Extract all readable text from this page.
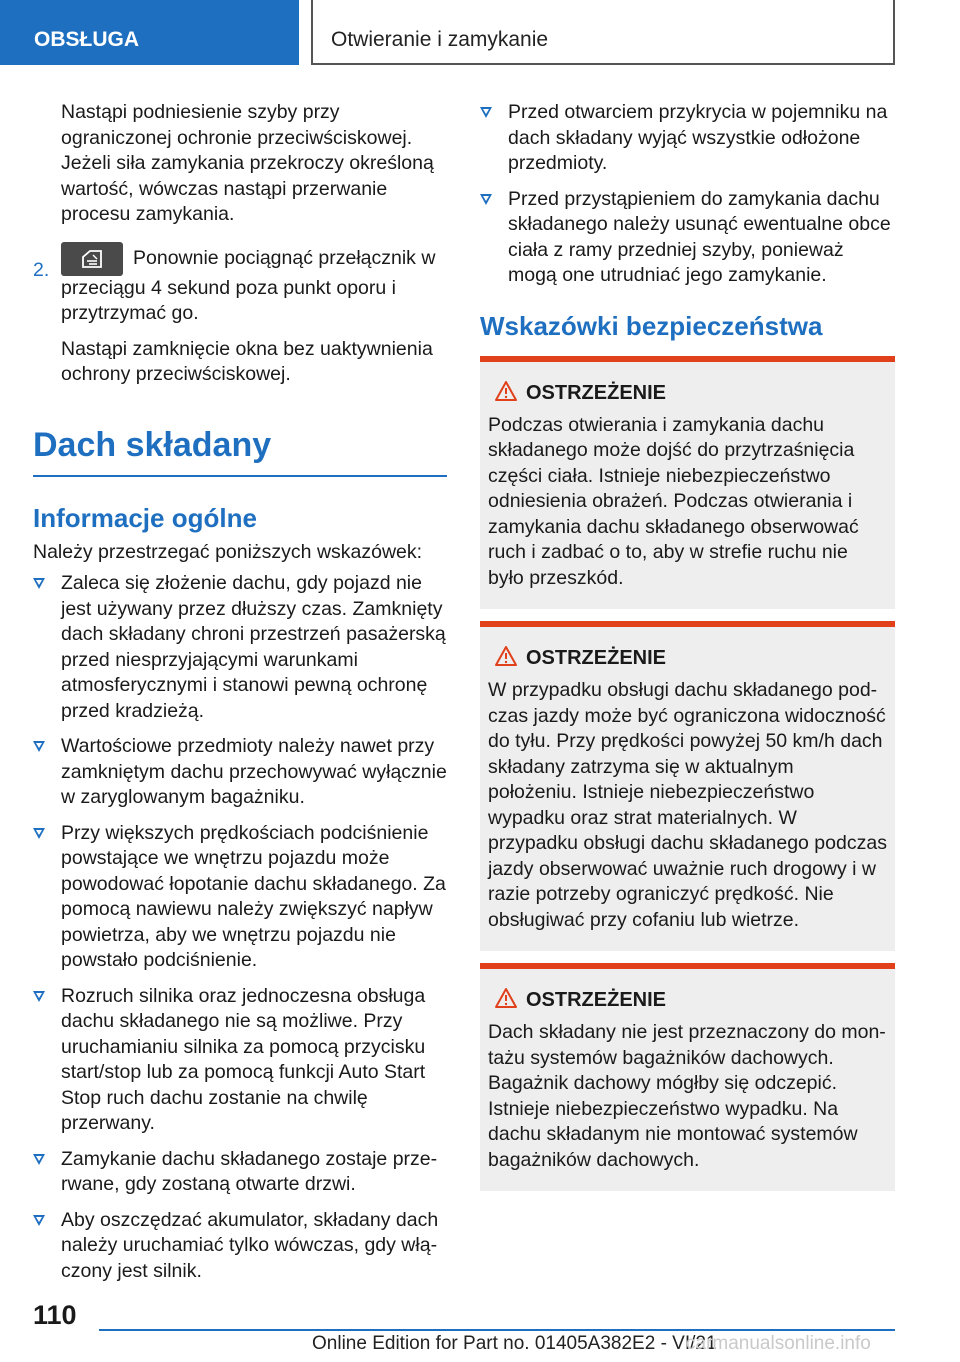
OBSŁUGA	Otwieranie i zamykanie

Nastąpi podniesienie szyby przy ograniczonej ochronie przeciwściskowej. Jeżeli siła zamykania przekroczy określoną wartość, wówczas nastąpi przerwanie procesu zamykania.

2.

Ponownie pociągnąć przełącznik w przeciągu 4 sekund poza punkt oporu i przytrzymać go.

Nastąpi zamknięcie okna bez uaktywnienia ochrony przeciwściskowej.

Dach składany
Informacje ogólne

Należy przestrzegać poniższych wskazówek:

Zaleca się złożenie dachu, gdy pojazd nie jest używany przez dłuższy czas. Zamknięty dach składany chroni przestrzeń pasażerską przed niesprzyjającymi warunkami atmosferycznymi i stanowi pewną ochronę przed kradzieżą.
Wartościowe przedmioty należy nawet przy zamkniętym dachu przechowywać wyłącznie w zaryglowanym bagażniku.
Przy większych prędkościach podciśnienie powstające we wnętrzu pojazdu może powodować łopotanie dachu składanego. Za pomocą nawiewu należy zwiększyć napływ powietrza, aby we wnętrzu pojazdu nie powstało podciśnienie.
Rozruch silnika oraz jednoczesna obsługa dachu składanego nie są możliwe. Przy uruchamianiu silnika za pomocą przycisku start/stop lub za pomocą funkcji Auto Start Stop ruch dachu zostanie na chwilę przerwany.
Zamykanie dachu składanego zostaje przerwane, gdy zostaną otwarte drzwi.
Aby oszczędzać akumulator, składany dach należy uruchamiać tylko wówczas, gdy włączony jest silnik.
Przed otwarciem przykrycia w pojemniku na dach składany wyjąć wszystkie odłożone przedmioty.
Przed przystąpieniem do zamykania dachu składanego należy usunąć ewentualne obce ciała z ramy przedniej szyby, ponieważ mogą one utrudniać jego zamykanie.
Wskazówki bezpieczeństwa
OSTRZEŻENIE

Podczas otwierania i zamykania dachu składanego może dojść do przytrzaśnięcia części ciała. Istnieje niebezpieczeństwo odniesienia obrażeń. Podczas otwierania i zamykania dachu składanego obserwować ruch i zadbać o to, aby w strefie ruchu nie było przeszkód.

OSTRZEŻENIE

W przypadku obsługi dachu składanego podczas jazdy może być ograniczona widoczność do tyłu. Przy prędkości powyżej 50 km/h dach składany zatrzyma się w aktualnym położeniu. Istnieje niebezpieczeństwo wypadku oraz strat materialnych. W przypadku obsługi dachu składanego podczas jazdy obserwować uważnie ruch drogowy i w razie potrzeby ograniczyć prędkość. Nie obsługiwać przy cofaniu lub wietrze.

OSTRZEŻENIE

Dach składany nie jest przeznaczony do montażu systemów bagażników dachowych. Bagażnik dachowy mógłby się odczepić. Istnieje niebezpieczeństwo wypadku. Na dachu składanym nie montować systemów bagażników dachowych.

110
Online Edition for Part no. 01405A382E2 - VI/21
carmanualsonline.info
